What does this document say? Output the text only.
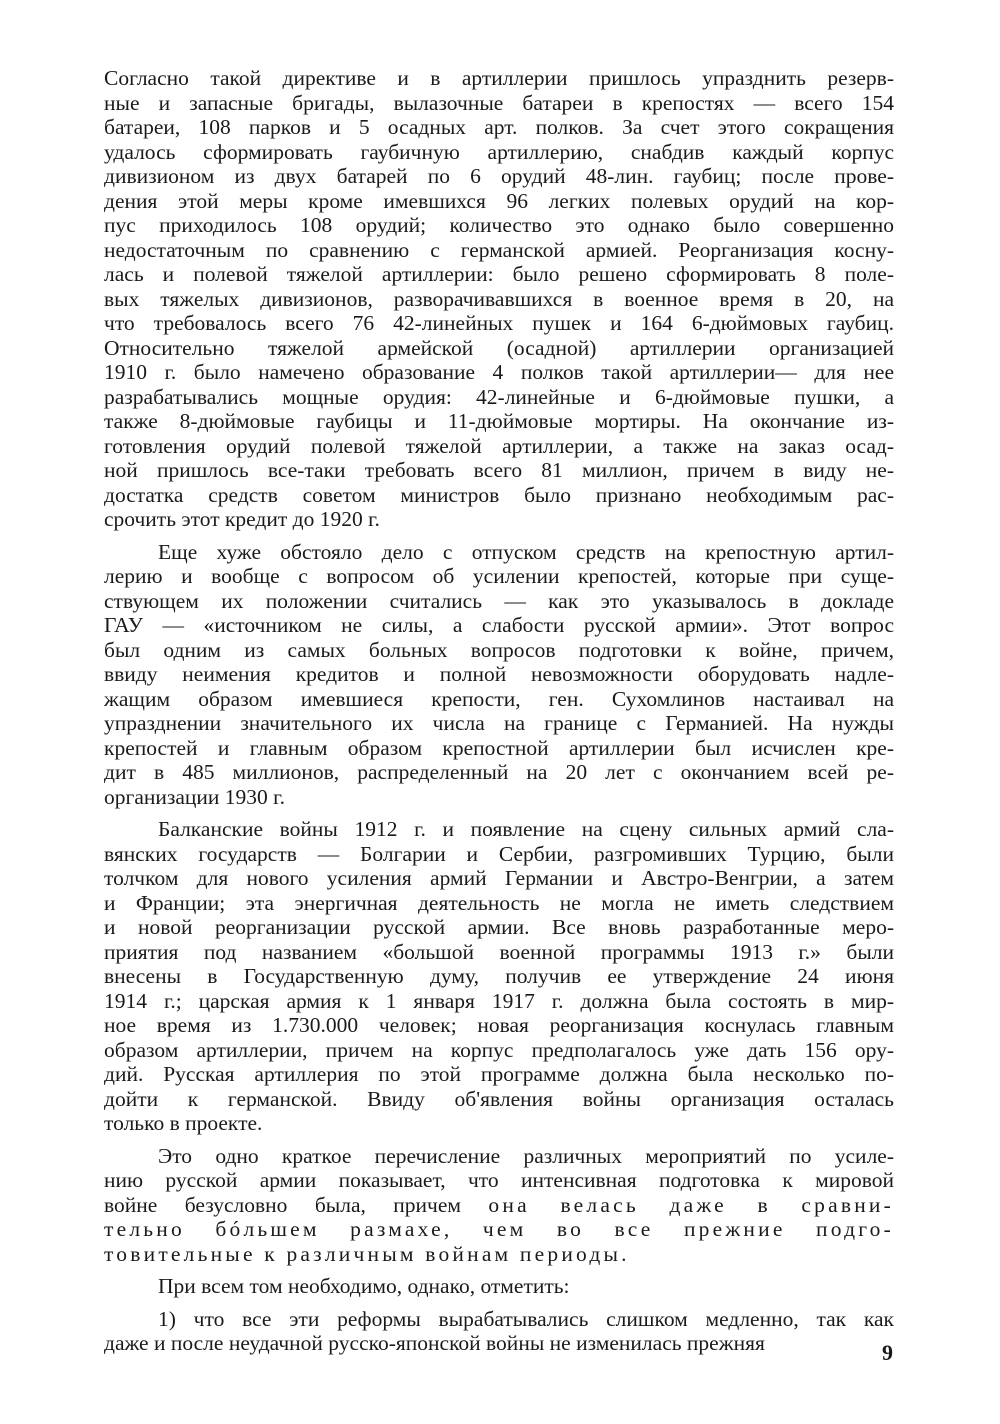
Согласно такой директиве и в артиллерии пришлось упразднить резерв-
ные и запасные бригады, вылазочные батареи в крепостях — всего 154
батареи, 108 парков и 5 осадных арт. полков. За счет этого сокращения
удалось сформировать гаубичную артиллерию, снабдив каждый корпус
дивизионом из двух батарей по 6 орудий 48-лин. гаубиц; после прове-
дения этой меры кроме имевшихся 96 легких полевых орудий на кор-
пус приходилось 108 орудий; количество это однако было совершенно
недостаточным по сравнению с германской армией. Реорганизация косну-
лась и полевой тяжелой артиллерии: было решено сформировать 8 поле-
вых тяжелых дивизионов, разворачивавшихся в военное время в 20, на
что требовалось всего 76 42-линейных пушек и 164 6-дюймовых гаубиц.
Относительно тяжелой армейской (осадной) артиллерии организацией
1910 г. было намечено образование 4 полков такой артиллерии— для нее
разрабатывались мощные орудия: 42-линейные и 6-дюймовые пушки, а
также 8-дюймовые гаубицы и 11-дюймовые мортиры. На окончание из-
готовления орудий полевой тяжелой артиллерии, а также на заказ осад-
ной пришлось все-таки требовать всего 81 миллион, причем в виду не-
достатка средств советом министров было признано необходимым рас-
срочить этот кредит до 1920 г.
Еще хуже обстояло дело с отпуском средств на крепостную артил-
лерию и вообще с вопросом об усилении крепостей, которые при суще-
ствующем их положении считались — как это указывалось в докладе
ГАУ — «источником не силы, а слабости русской армии». Этот вопрос
был одним из самых больных вопросов подготовки к войне, причем,
ввиду неимения кредитов и полной невозможности оборудовать надле-
жащим образом имевшиеся крепости, ген. Сухомлинов настаивал на
упразднении значительного их числа на границе с Германией. На нужды
крепостей и главным образом крепостной артиллерии был исчислен кре-
дит в 485 миллионов, распределенный на 20 лет с окончанием всей ре-
организации 1930 г.
Балканские войны 1912 г. и появление на сцену сильных армий сла-
вянских государств — Болгарии и Сербии, разгромивших Турцию, были
толчком для нового усиления армий Германии и Австро-Венгрии, а затем
и Франции; эта энергичная деятельность не могла не иметь следствием
и новой реорганизации русской армии. Все вновь разработанные меро-
приятия под названием «большой военной программы 1913 г.» были
внесены в Государственную думу, получив ее утверждение 24 июня
1914 г.; царская армия к 1 января 1917 г. должна была состоять в мир-
ное время из 1.730.000 человек; новая реорганизация коснулась главным
образом артиллерии, причем на корпус предполагалось уже дать 156 ору-
дий. Русская артиллерия по этой программе должна была несколько по-
дойти к германской. Ввиду об'явления войны организация осталась
только в проекте.
Это одно краткое перечисление различных мероприятий по усиле-
нию русской армии показывает, что интенсивная подготовка к мировой
войне безусловно была, причем она велась даже в сравни-
тельно бóльшем размахе, чем во все прежние подго-
товительные к различным войнам периоды.
При всем том необходимо, однако, отметить:
1) что все эти реформы вырабатывались слишком медленно, так как
даже и после неудачной русско-японской войны не изменилась прежняя	9
